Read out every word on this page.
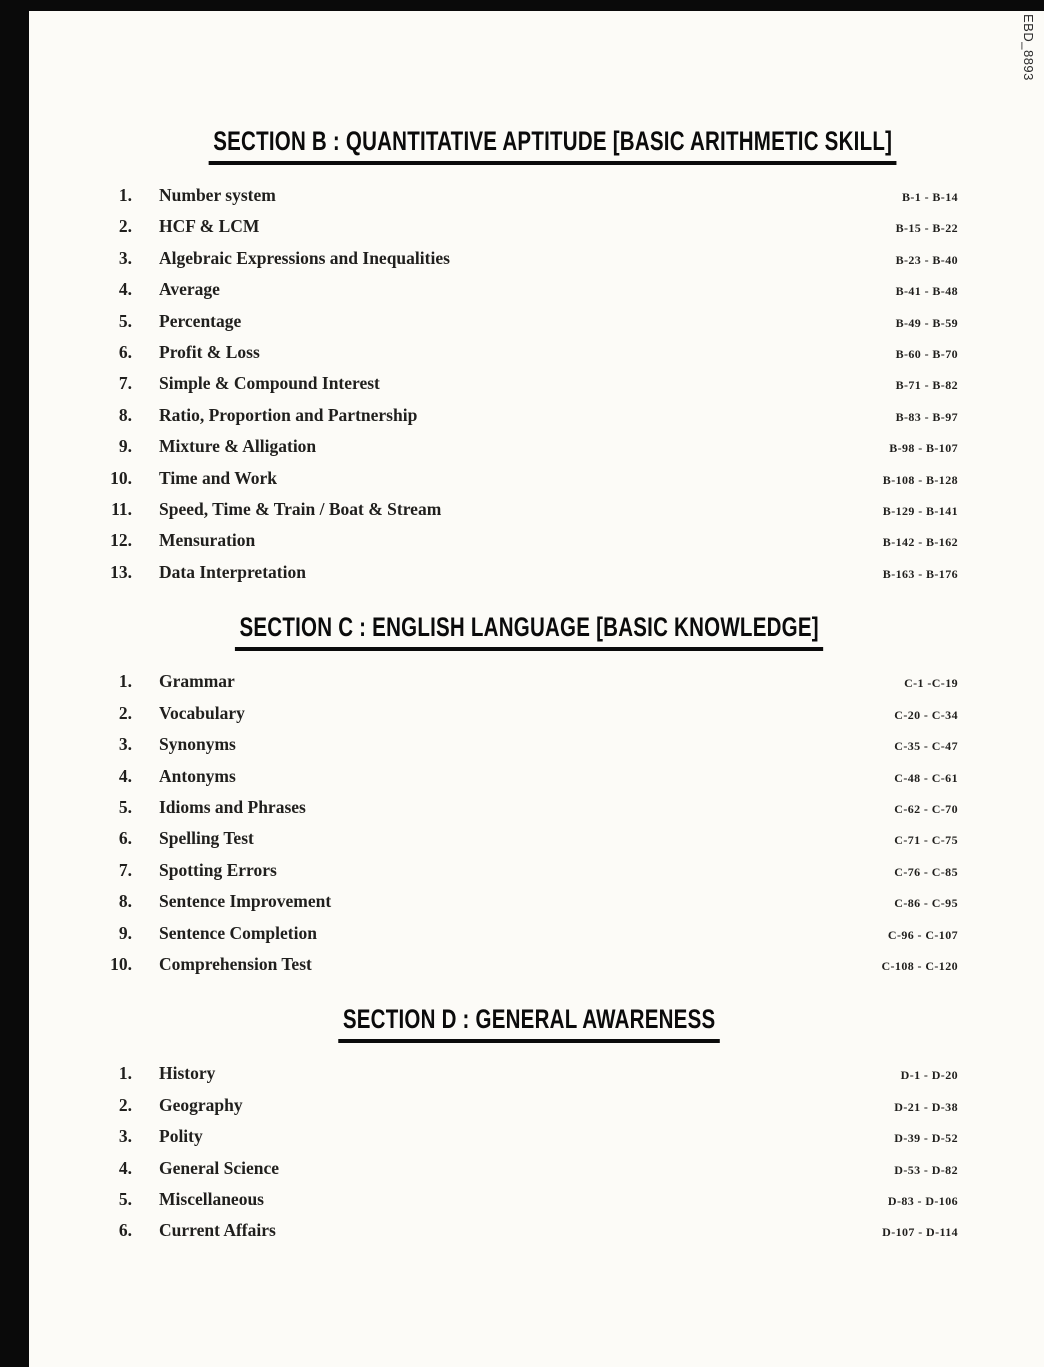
EBD_8893
SECTION B : QUANTITATIVE APTITUDE [BASIC ARITHMETIC SKILL]
1. Number system	B-1 - B-14
2. HCF & LCM	B-15 - B-22
3. Algebraic Expressions and Inequalities	B-23 - B-40
4. Average	B-41 - B-48
5. Percentage	B-49 - B-59
6. Profit & Loss	B-60 - B-70
7. Simple & Compound Interest	B-71 - B-82
8. Ratio, Proportion and Partnership	B-83 - B-97
9. Mixture & Alligation	B-98 - B-107
10. Time and Work	B-108 - B-128
11. Speed, Time & Train / Boat & Stream	B-129 - B-141
12. Mensuration	B-142 - B-162
13. Data Interpretation	B-163 - B-176
SECTION C : ENGLISH LANGUAGE [BASIC KNOWLEDGE]
1. Grammar	C-1 -C-19
2. Vocabulary	C-20 - C-34
3. Synonyms	C-35 - C-47
4. Antonyms	C-48 - C-61
5. Idioms and Phrases	C-62 - C-70
6. Spelling Test	C-71 - C-75
7. Spotting Errors	C-76 - C-85
8. Sentence Improvement	C-86 - C-95
9. Sentence Completion	C-96 - C-107
10. Comprehension Test	C-108 - C-120
SECTION D : GENERAL AWARENESS
1. History	D-1 - D-20
2. Geography	D-21 - D-38
3. Polity	D-39 - D-52
4. General Science	D-53 - D-82
5. Miscellaneous	D-83 - D-106
6. Current Affairs	D-107 - D-114
